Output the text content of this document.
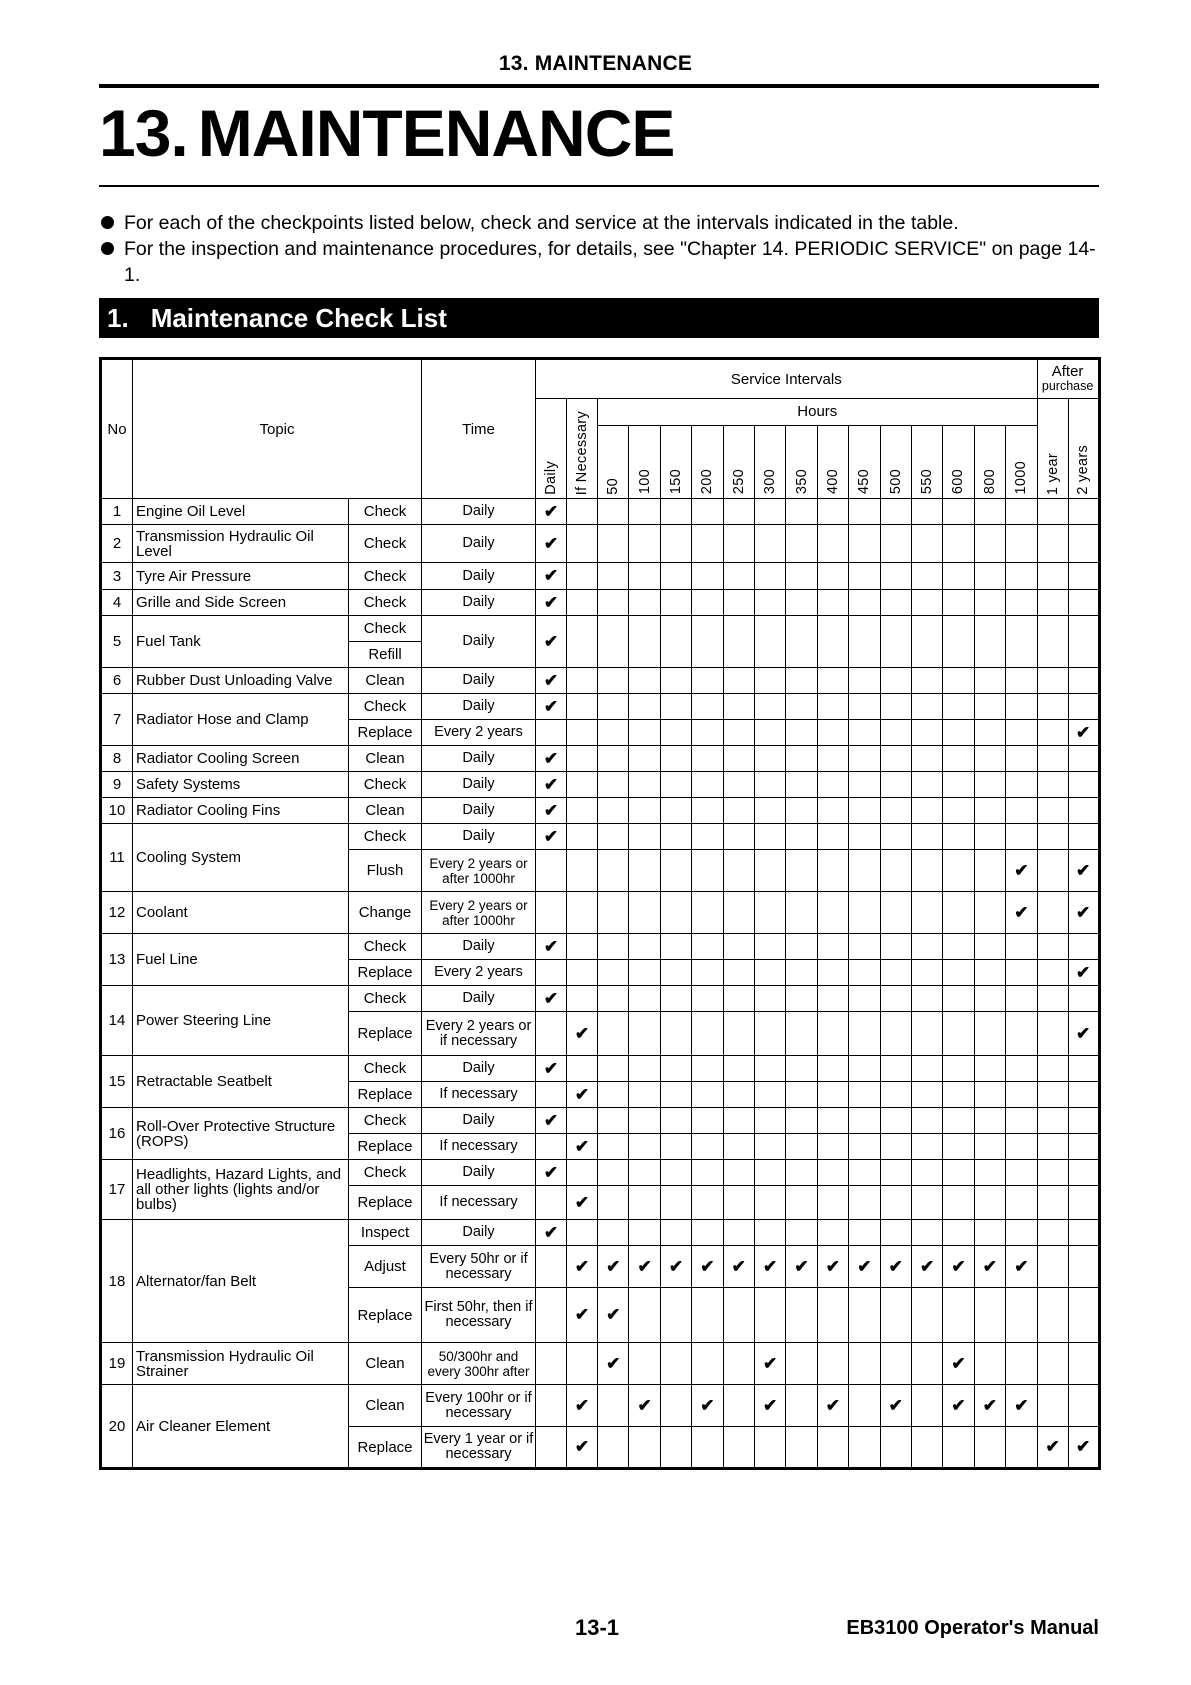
13. MAINTENANCE
13. MAINTENANCE
For each of the checkpoints listed below, check and service at the intervals indicated in the table.
For the inspection and maintenance procedures, for details, see "Chapter 14. PERIODIC SERVICE" on page 14-1.
1. Maintenance Check List
No	Topic		Time	Service Intervals																After
purchase	

				Daily	If Necessary	Hours														1 year	2 years

						50	100	150	200	250	300	350	400	450	500	550	600	800	1000		

1	Engine Oil Level	Check	Daily	✔																	
2	Transmission Hydraulic Oil Level	Check	Daily	✔																	
3	Tyre Air Pressure	Check	Daily	✔																	
4	Grille and Side Screen	Check	Daily	✔																	
5	Fuel Tank	Check	Daily	✔																	
		Refill																			
6	Rubber Dust Unloading Valve	Clean	Daily	✔																	
7	Radiator Hose and Clamp	Check	Daily	✔																	
		Replace	Every 2 years																		✔
8	Radiator Cooling Screen	Clean	Daily	✔																	
9	Safety Systems	Check	Daily	✔																	
10	Radiator Cooling Fins	Clean	Daily	✔																	
11	Cooling System	Check	Daily	✔																	
		Flush	Every 2 years or after 1000hr																✔		✔
12	Coolant	Change	Every 2 years or after 1000hr																✔		✔
13	Fuel Line	Check	Daily	✔																	
		Replace	Every 2 years																		✔
14	Power Steering Line	Check	Daily	✔																	
		Replace	Every 2 years or if necessary		✔																✔
15	Retractable Seatbelt	Check	Daily	✔																	
		Replace	If necessary		✔																
16	Roll-Over Protective Structure (ROPS)	Check	Daily	✔																	
		Replace	If necessary		✔																
17	Headlights, Hazard Lights, and all other lights (lights and/or bulbs)	Check	Daily	✔																	
		Replace	If necessary		✔																
18	Alternator/fan Belt	Inspect	Daily	✔																	
		Adjust	Every 50hr or if necessary		✔	✔	✔	✔	✔	✔	✔	✔	✔	✔	✔	✔	✔	✔	✔		
		Replace	First 50hr, then if necessary		✔	✔															
19	Transmission Hydraulic Oil Strainer	Clean	50/300hr and every 300hr after			✔					✔						✔				
20	Air Cleaner Element	Clean	Every 100hr or if necessary		✔		✔		✔		✔		✔		✔		✔	✔	✔		
		Replace	Every 1 year or if necessary		✔															✔	✔
13-1	EB3100 Operator's Manual
